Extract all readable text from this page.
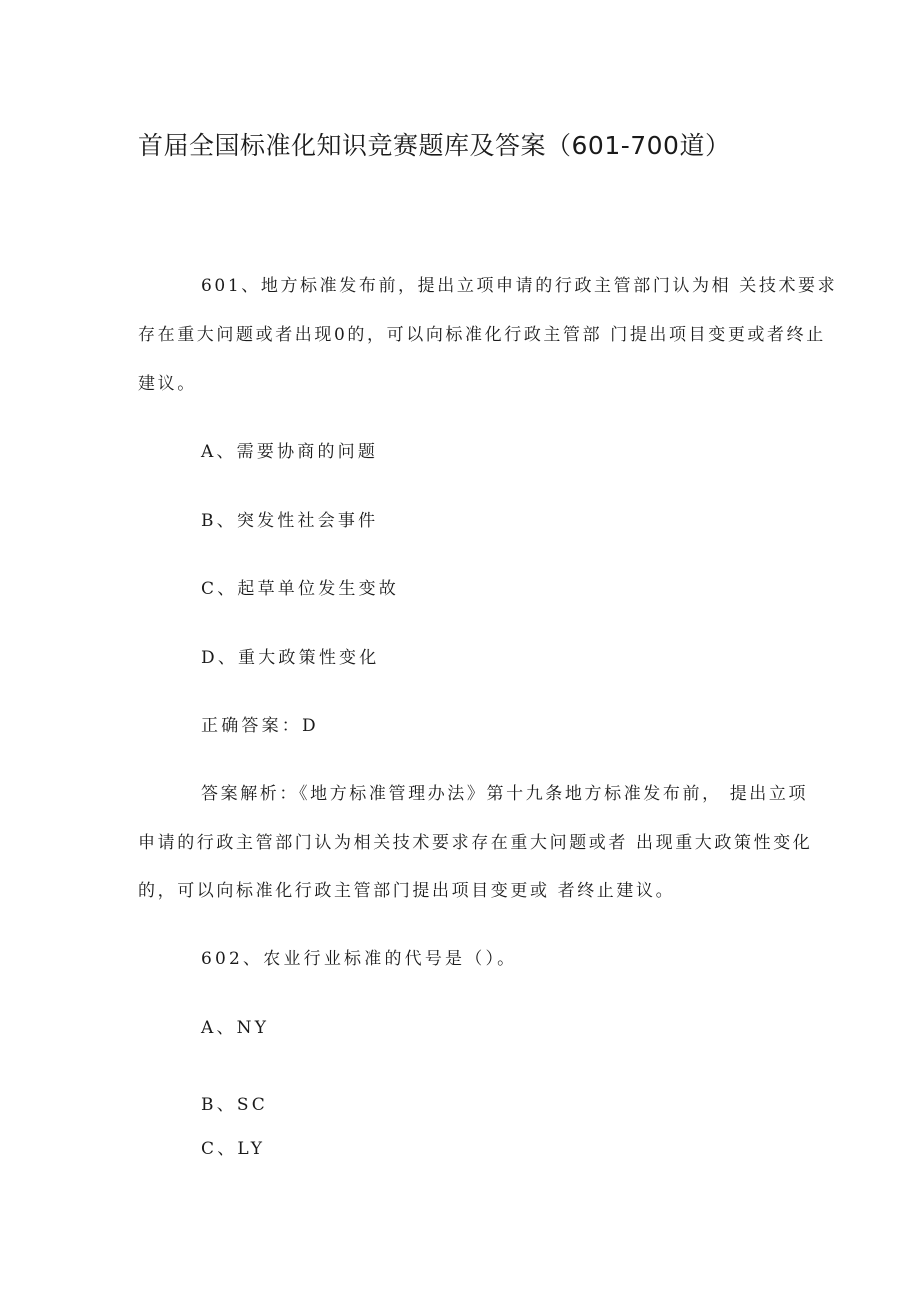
首届全国标准化知识竞赛题库及答案（601-700道）
601、地方标准发布前，提出立项申请的行政主管部门认为相 关技术要求
存在重大问题或者出现0的，可以向标准化行政主管部 门提出项目变更或者终止
建议。
A、需要协商的问题
B、突发性社会事件
C、起草单位发生变故
D、重大政策性变化
正确答案：D
答案解析：《地方标准管理办法》第十九条地方标准发布前， 提出立项
申请的行政主管部门认为相关技术要求存在重大问题或者 出现重大政策性变化
的，可以向标准化行政主管部门提出项目变更或 者终止建议。
602、农业行业标准的代号是（）。
A、NY
B、SC
C、LY
